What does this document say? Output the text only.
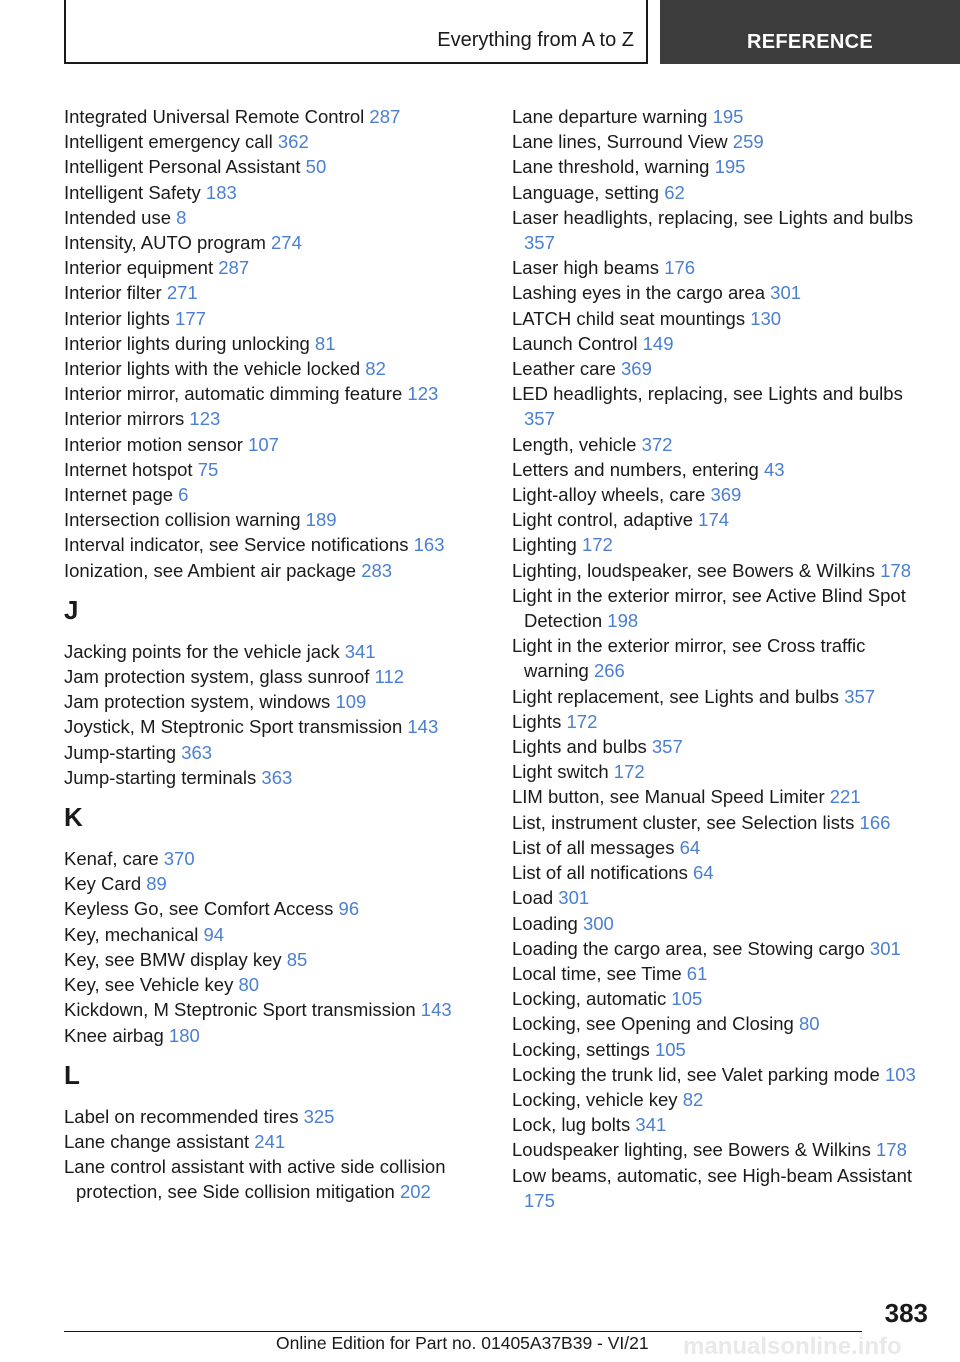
Everything from A to Z	REFERENCE
Integrated Universal Remote Control 287
Intelligent emergency call 362
Intelligent Personal Assistant 50
Intelligent Safety 183
Intended use 8
Intensity, AUTO program 274
Interior equipment 287
Interior filter 271
Interior lights 177
Interior lights during unlocking 81
Interior lights with the vehicle locked 82
Interior mirror, automatic dimming feature 123
Interior mirrors 123
Interior motion sensor 107
Internet hotspot 75
Internet page 6
Intersection collision warning 189
Interval indicator, see Service notifications 163
Ionization, see Ambient air package 283
J
Jacking points for the vehicle jack 341
Jam protection system, glass sunroof 112
Jam protection system, windows 109
Joystick, M Steptronic Sport transmission 143
Jump-starting 363
Jump-starting terminals 363
K
Kenaf, care 370
Key Card 89
Keyless Go, see Comfort Access 96
Key, mechanical 94
Key, see BMW display key 85
Key, see Vehicle key 80
Kickdown, M Steptronic Sport transmission 143
Knee airbag 180
L
Label on recommended tires 325
Lane change assistant 241
Lane control assistant with active side collision protection, see Side collision mitigation 202
Lane departure warning 195
Lane lines, Surround View 259
Lane threshold, warning 195
Language, setting 62
Laser headlights, replacing, see Lights and bulbs 357
Laser high beams 176
Lashing eyes in the cargo area 301
LATCH child seat mountings 130
Launch Control 149
Leather care 369
LED headlights, replacing, see Lights and bulbs 357
Length, vehicle 372
Letters and numbers, entering 43
Light-alloy wheels, care 369
Light control, adaptive 174
Lighting 172
Lighting, loudspeaker, see Bowers & Wilkins 178
Light in the exterior mirror, see Active Blind Spot Detection 198
Light in the exterior mirror, see Cross traffic warning 266
Light replacement, see Lights and bulbs 357
Lights 172
Lights and bulbs 357
Light switch 172
LIM button, see Manual Speed Limiter 221
List, instrument cluster, see Selection lists 166
List of all messages 64
List of all notifications 64
Load 301
Loading 300
Loading the cargo area, see Stowing cargo 301
Local time, see Time 61
Locking, automatic 105
Locking, see Opening and Closing 80
Locking, settings 105
Locking the trunk lid, see Valet parking mode 103
Locking, vehicle key 82
Lock, lug bolts 341
Loudspeaker lighting, see Bowers & Wilkins 178
Low beams, automatic, see High-beam Assistant 175
383
manualsonline.info
Online Edition for Part no. 01405A37B39 - VI/21
